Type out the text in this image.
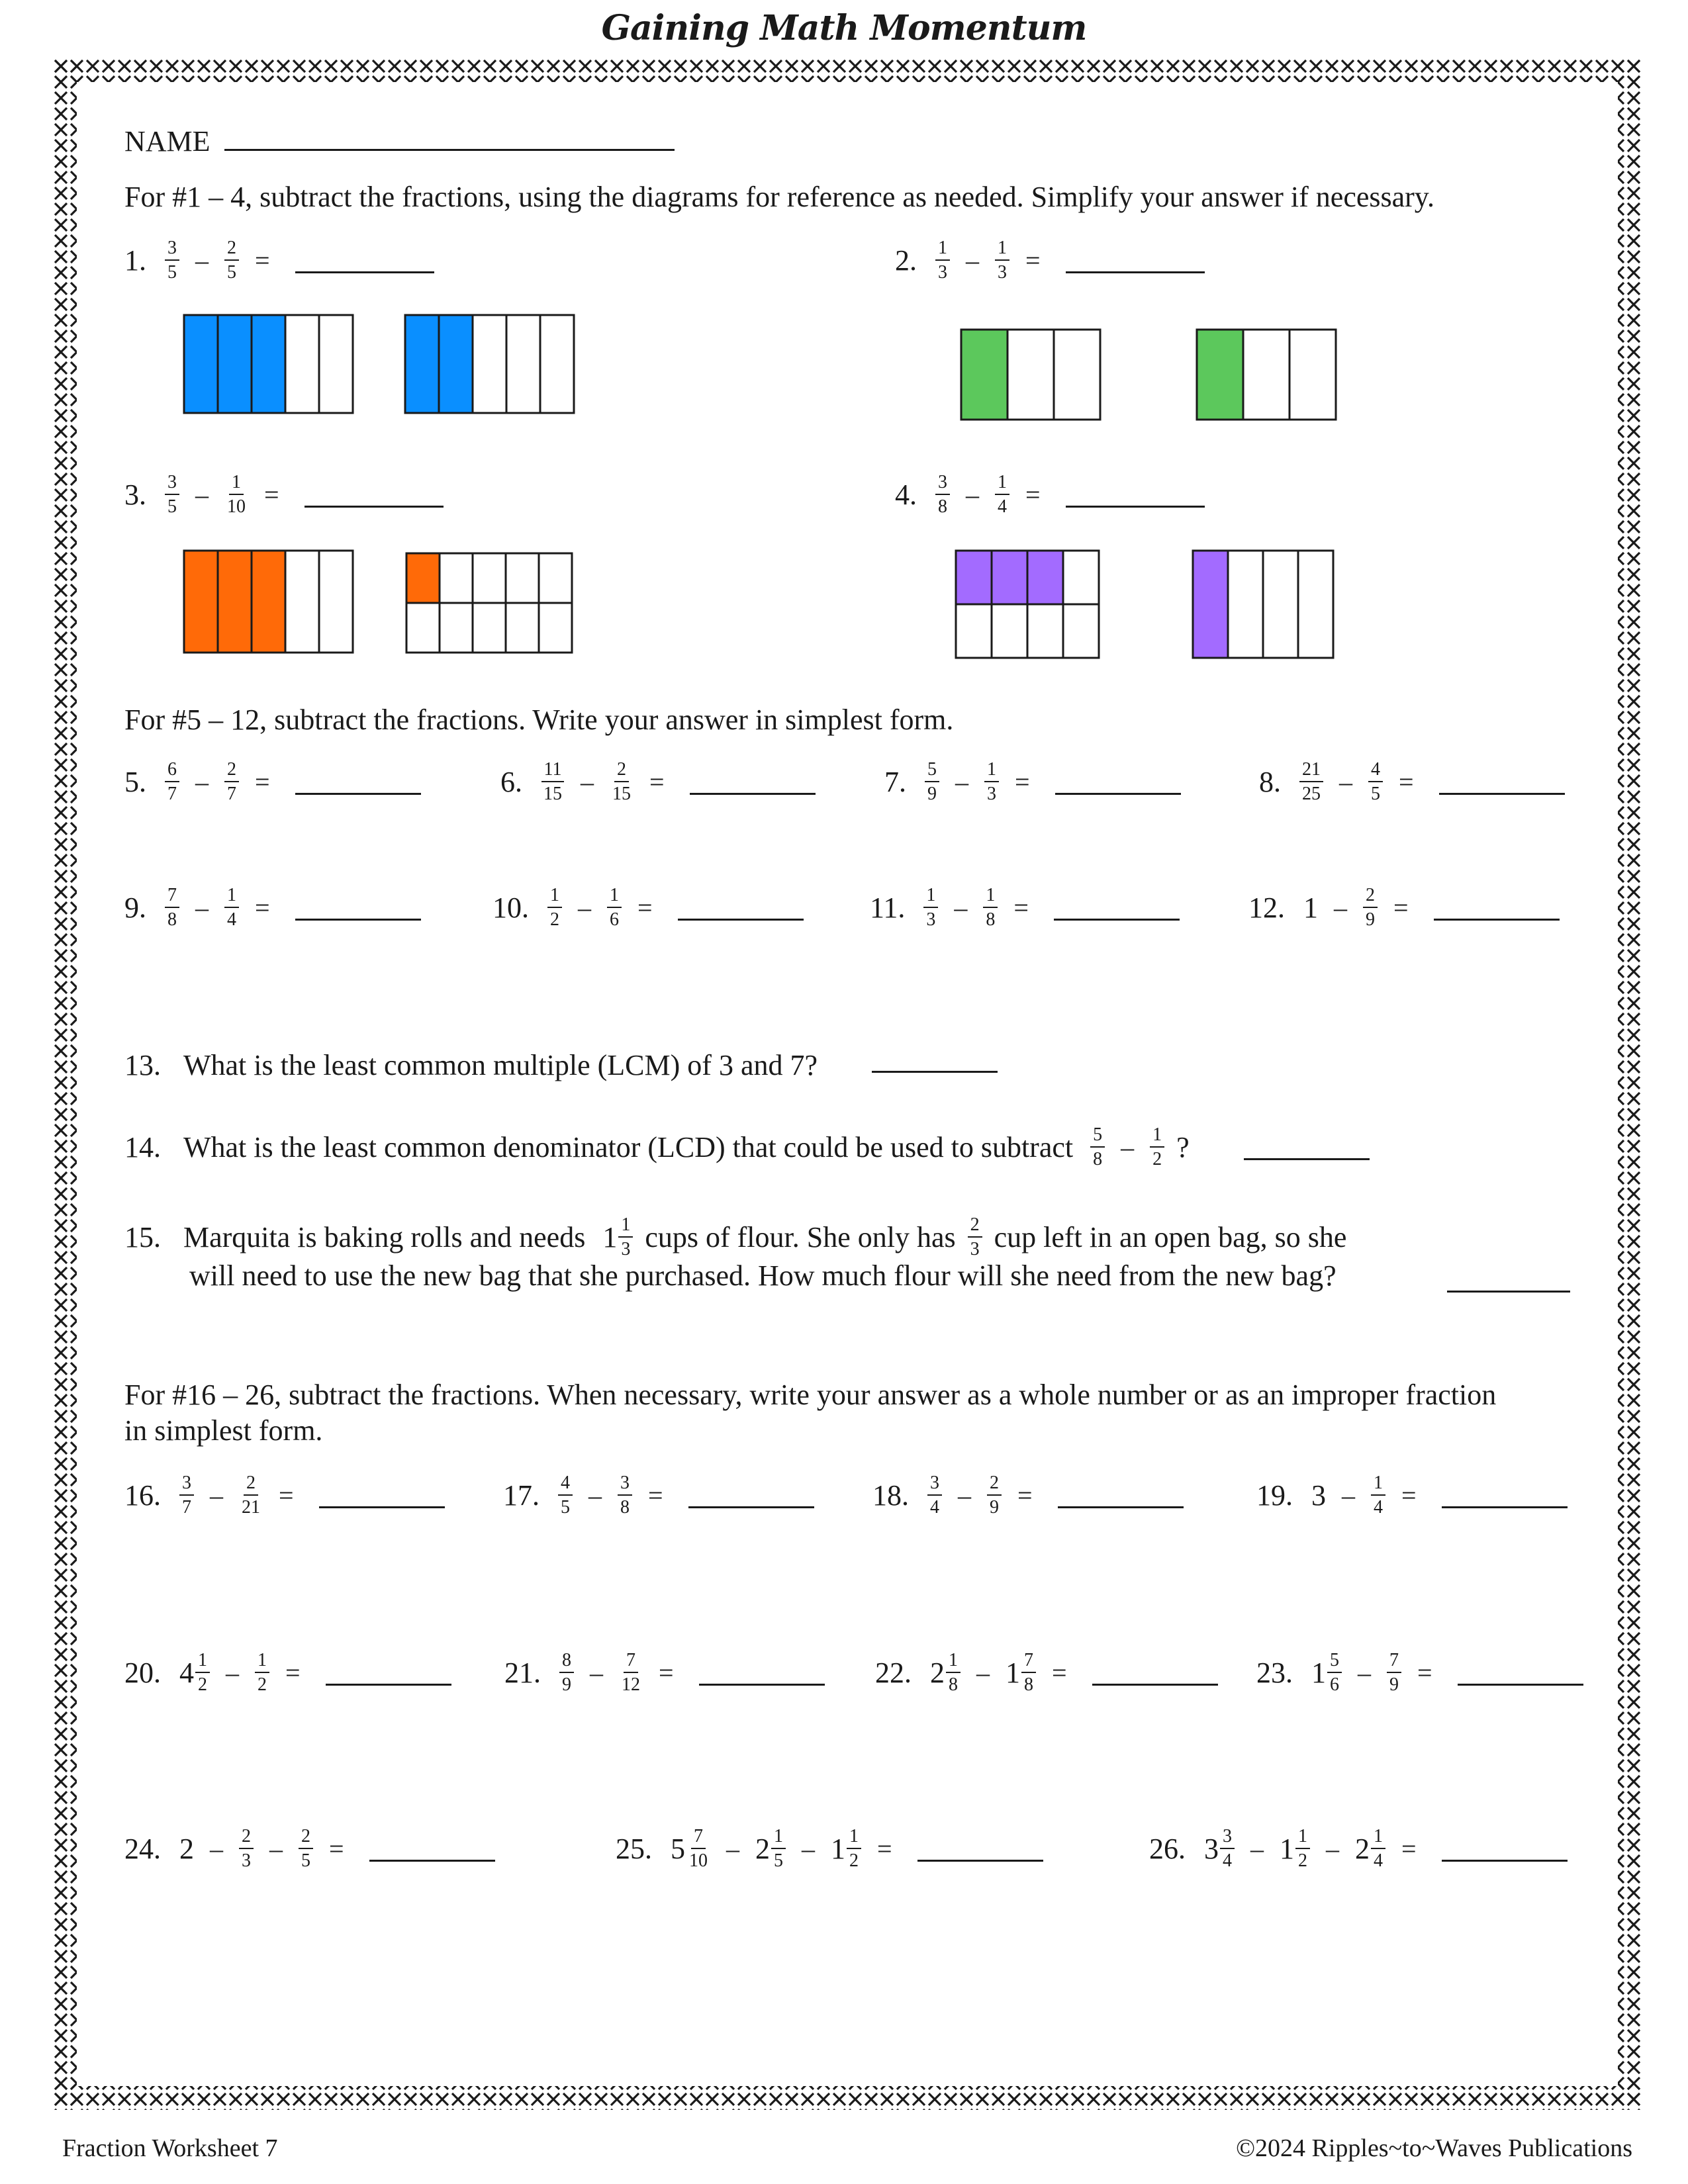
Gaining Math Momentum
NAME
For #1 – 4, subtract the fractions, using the diagrams for reference as needed. Simplify your answer if necessary.
1. $\frac{3}{5} - \frac{2}{5}$ =	2. $\frac{1}{3} - \frac{1}{3}$ =
3. $\frac{3}{5} - \frac{1}{10}$ =	4. $\frac{3}{8} - \frac{1}{4}$ =
For #5 – 12, subtract the fractions. Write your answer in simplest form.
5. $\frac{6}{7} - \frac{2}{7}$ =	6. $\frac{11}{15} - \frac{2}{15}$ =	7. $\frac{5}{9} - \frac{1}{3}$ =	8. $\frac{21}{25} - \frac{4}{5}$ =
9. $\frac{7}{8} - \frac{1}{4}$ =	10. $\frac{1}{2} - \frac{1}{6}$ =	11. $\frac{1}{3} - \frac{1}{8}$ =	12. $1 - \frac{2}{9}$ =
13. What is the least common multiple (LCM) of 3 and 7?
14. What is the least common denominator (LCD) that could be used to subtract $\frac{5}{8} - \frac{1}{2}$ ?
15. Marquita is baking rolls and needs $1 \frac{1}{3}$ cups of flour. She only has $\frac{2}{3}$ cup left in an open bag, so she
will need to use the new bag that she purchased. How much flour will she need from the new bag?
For #16 – 26, subtract the fractions. When necessary, write your answer as a whole number or as an improper fraction
in simplest form.
16. $\frac{3}{7} - \frac{2}{21}$ =	17. $\frac{4}{5} - \frac{3}{8}$ =	18. $\frac{3}{4} - \frac{2}{9}$ =	19. $3 - \frac{1}{4}$ =
20. $4 \frac{1}{2} - \frac{1}{2}$ =	21. $\frac{8}{9} - \frac{7}{12}$ =	22. $2 \frac{1}{8} - 1 \frac{7}{8}$ =	23. $1 \frac{5}{6} - \frac{7}{9}$ =
24. $2 - \frac{2}{3} - \frac{2}{5}$ =	25. $5 \frac{7}{10} - 2 \frac{1}{5} - 1 \frac{1}{2}$ =	26. $3 \frac{3}{4} - 1 \frac{1}{2} - 2 \frac{1}{4}$ =
Fraction Worksheet 7	©2024 Ripples~to~Waves Publications
